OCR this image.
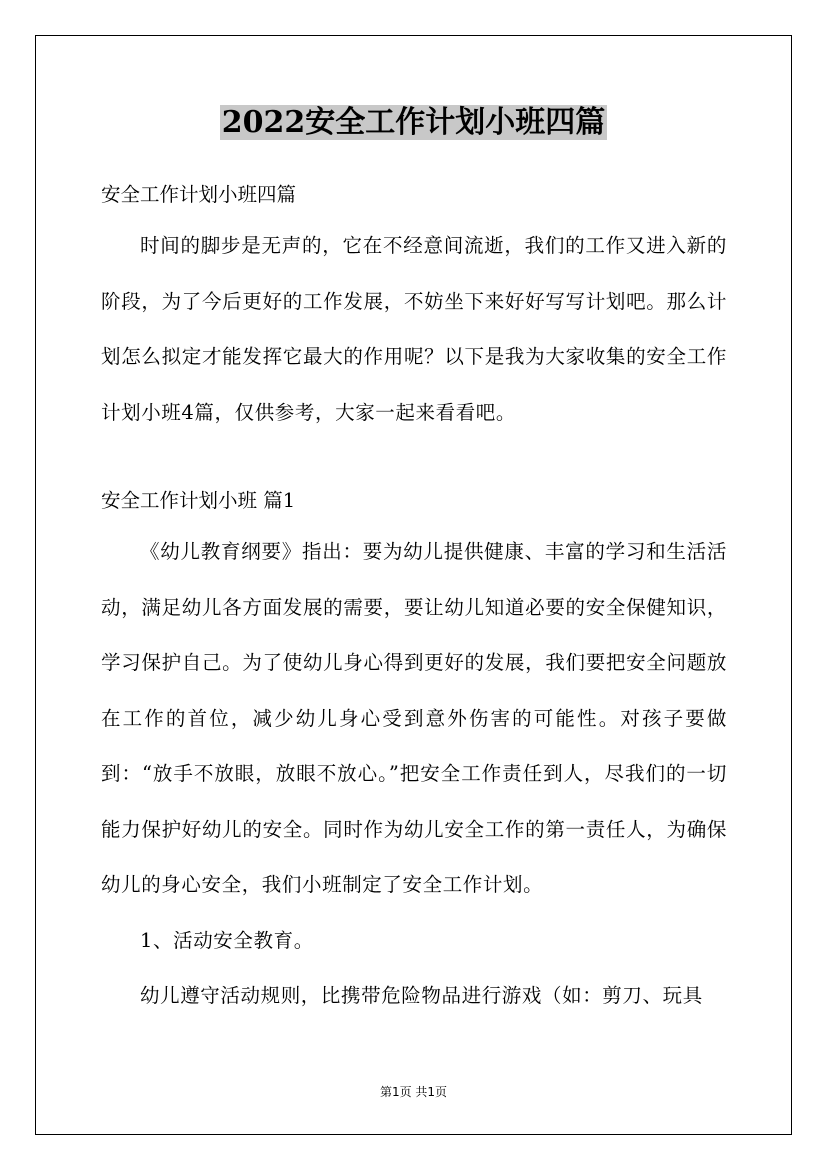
2022安全工作计划小班四篇

安全工作计划小班四篇

时间的脚步是无声的，它在不经意间流逝，我们的工作又进入新的阶段，为了今后更好的工作发展，不妨坐下来好好写写计划吧。那么计划怎么拟定才能发挥它最大的作用呢？以下是我为大家收集的安全工作计划小班4篇，仅供参考，大家一起来看看吧。

安全工作计划小班 篇1

《幼儿教育纲要》指出：要为幼儿提供健康、丰富的学习和生活活动，满足幼儿各方面发展的需要，要让幼儿知道必要的安全保健知识，学习保护自己。为了使幼儿身心得到更好的发展，我们要把安全问题放在工作的首位，减少幼儿身心受到意外伤害的可能性。对孩子要做到：“放手不放眼，放眼不放心。”把安全工作责任到人，尽我们的一切能力保护好幼儿的安全。同时作为幼儿安全工作的第一责任人，为确保幼儿的身心安全，我们小班制定了安全工作计划。

1、活动安全教育。

幼儿遵守活动规则，比携带危险物品进行游戏（如：剪刀、玩具

第1页 共1页
